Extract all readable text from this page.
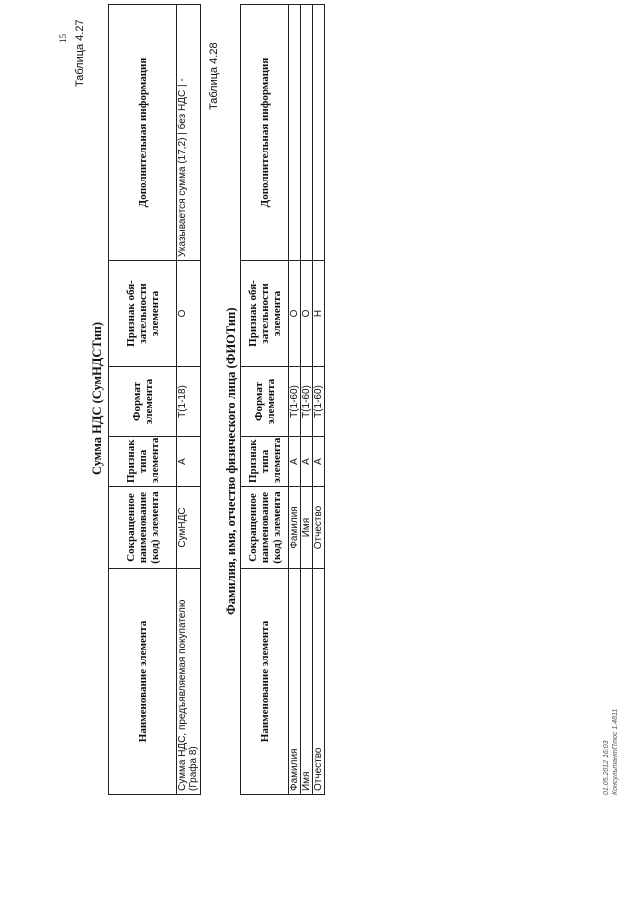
15 Таблица 4.27
Сумма НДС (СумНДСТип)
Наименование элемента	Сокращенное наименование (код) элемента	Признак типа элемента	Формат элемента	Признак обя-зательности элемента	Дополнительная информация
Сумма НДС, предъявляемая покупателю (Графа 8)	СумНДС	А	T(1-18)	О	Указывается сумма (17,2) | без НДС | -
Таблица 4.28
Фамилия, имя, отчество физического лица (ФИОТип)
Наименование элемента	Сокращенное наименование (код) элемента	Признак типа элемента	Формат элемента	Признак обя-зательности элемента	Дополнительная информация
Фамилия	Фамилия	А	T(1-60)	О	
Имя	Имя	А	T(1-60)	О	
Отчество	Отчество	А	T(1-60)	Н	
01.05.2012 16:03 КонсультантПлюс 1.4811
